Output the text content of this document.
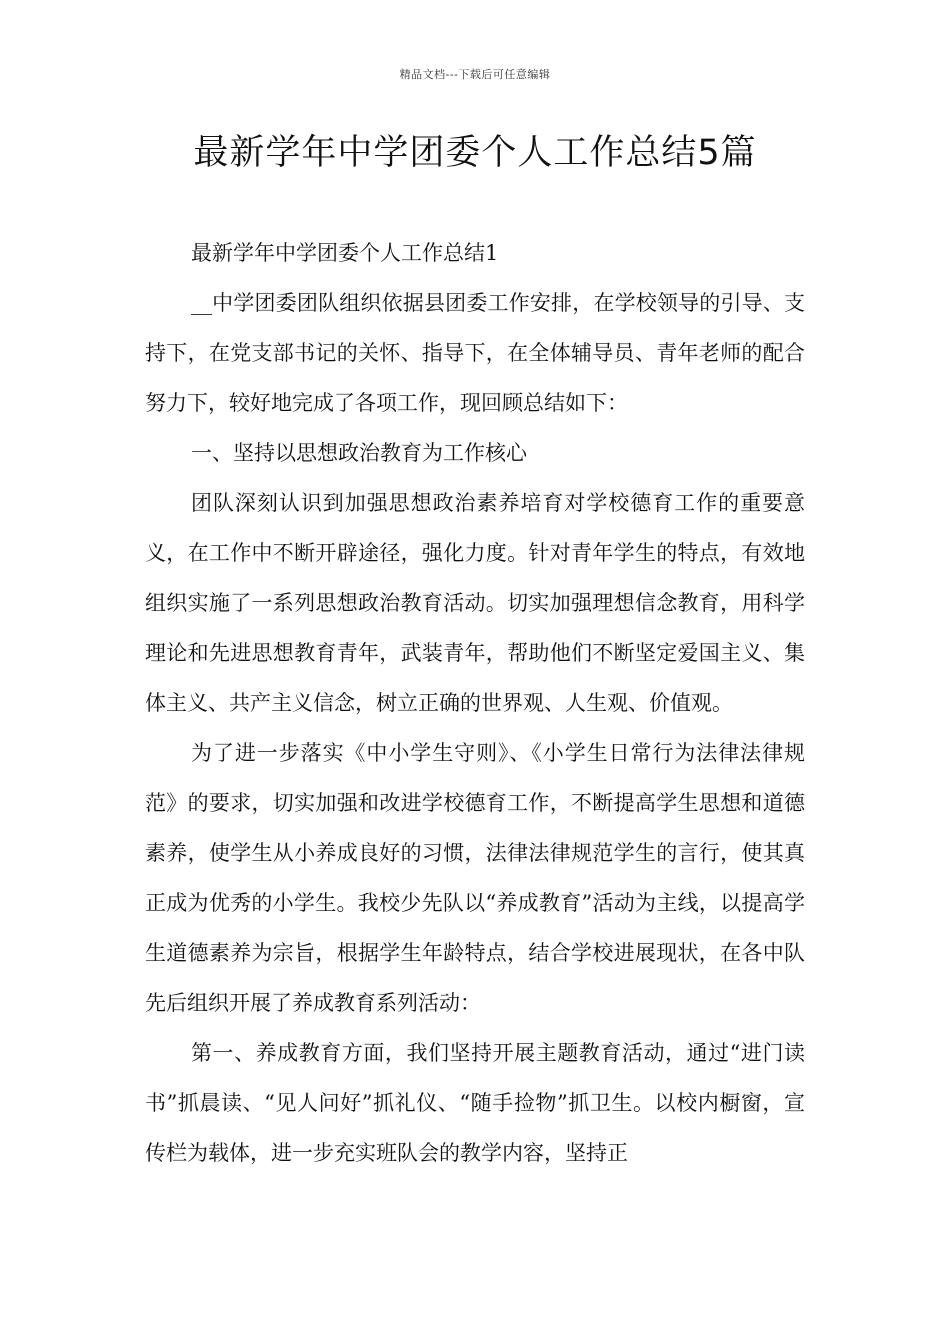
精品文档---下载后可任意编辑
最新学年中学团委个人工作总结5篇

最新学年中学团委个人工作总结1

__中学团委团队组织依据县团委工作安排，在学校领导的引导、支持下，在党支部书记的关怀、指导下，在全体辅导员、青年老师的配合努力下，较好地完成了各项工作，现回顾总结如下：

一、坚持以思想政治教育为工作核心

团队深刻认识到加强思想政治素养培育对学校德育工作的重要意义，在工作中不断开辟途径，强化力度。针对青年学生的特点，有效地组织实施了一系列思想政治教育活动。切实加强理想信念教育，用科学理论和先进思想教育青年，武装青年，帮助他们不断坚定爱国主义、集体主义、共产主义信念，树立正确的世界观、人生观、价值观。

为了进一步落实《中小学生守则》、《小学生日常行为法律法律规范》的要求，切实加强和改进学校德育工作，不断提高学生思想和道德素养，使学生从小养成良好的习惯，法律法律规范学生的言行，使其真正成为优秀的小学生。我校少先队以“养成教育”活动为主线，以提高学生道德素养为宗旨，根据学生年龄特点，结合学校进展现状，在各中队先后组织开展了养成教育系列活动：

第一、养成教育方面，我们坚持开展主题教育活动，通过“进门读书”抓晨读、“见人问好”抓礼仪、“随手捡物”抓卫生。以校内橱窗，宣传栏为载体，进一步充实班队会的教学内容，坚持正
